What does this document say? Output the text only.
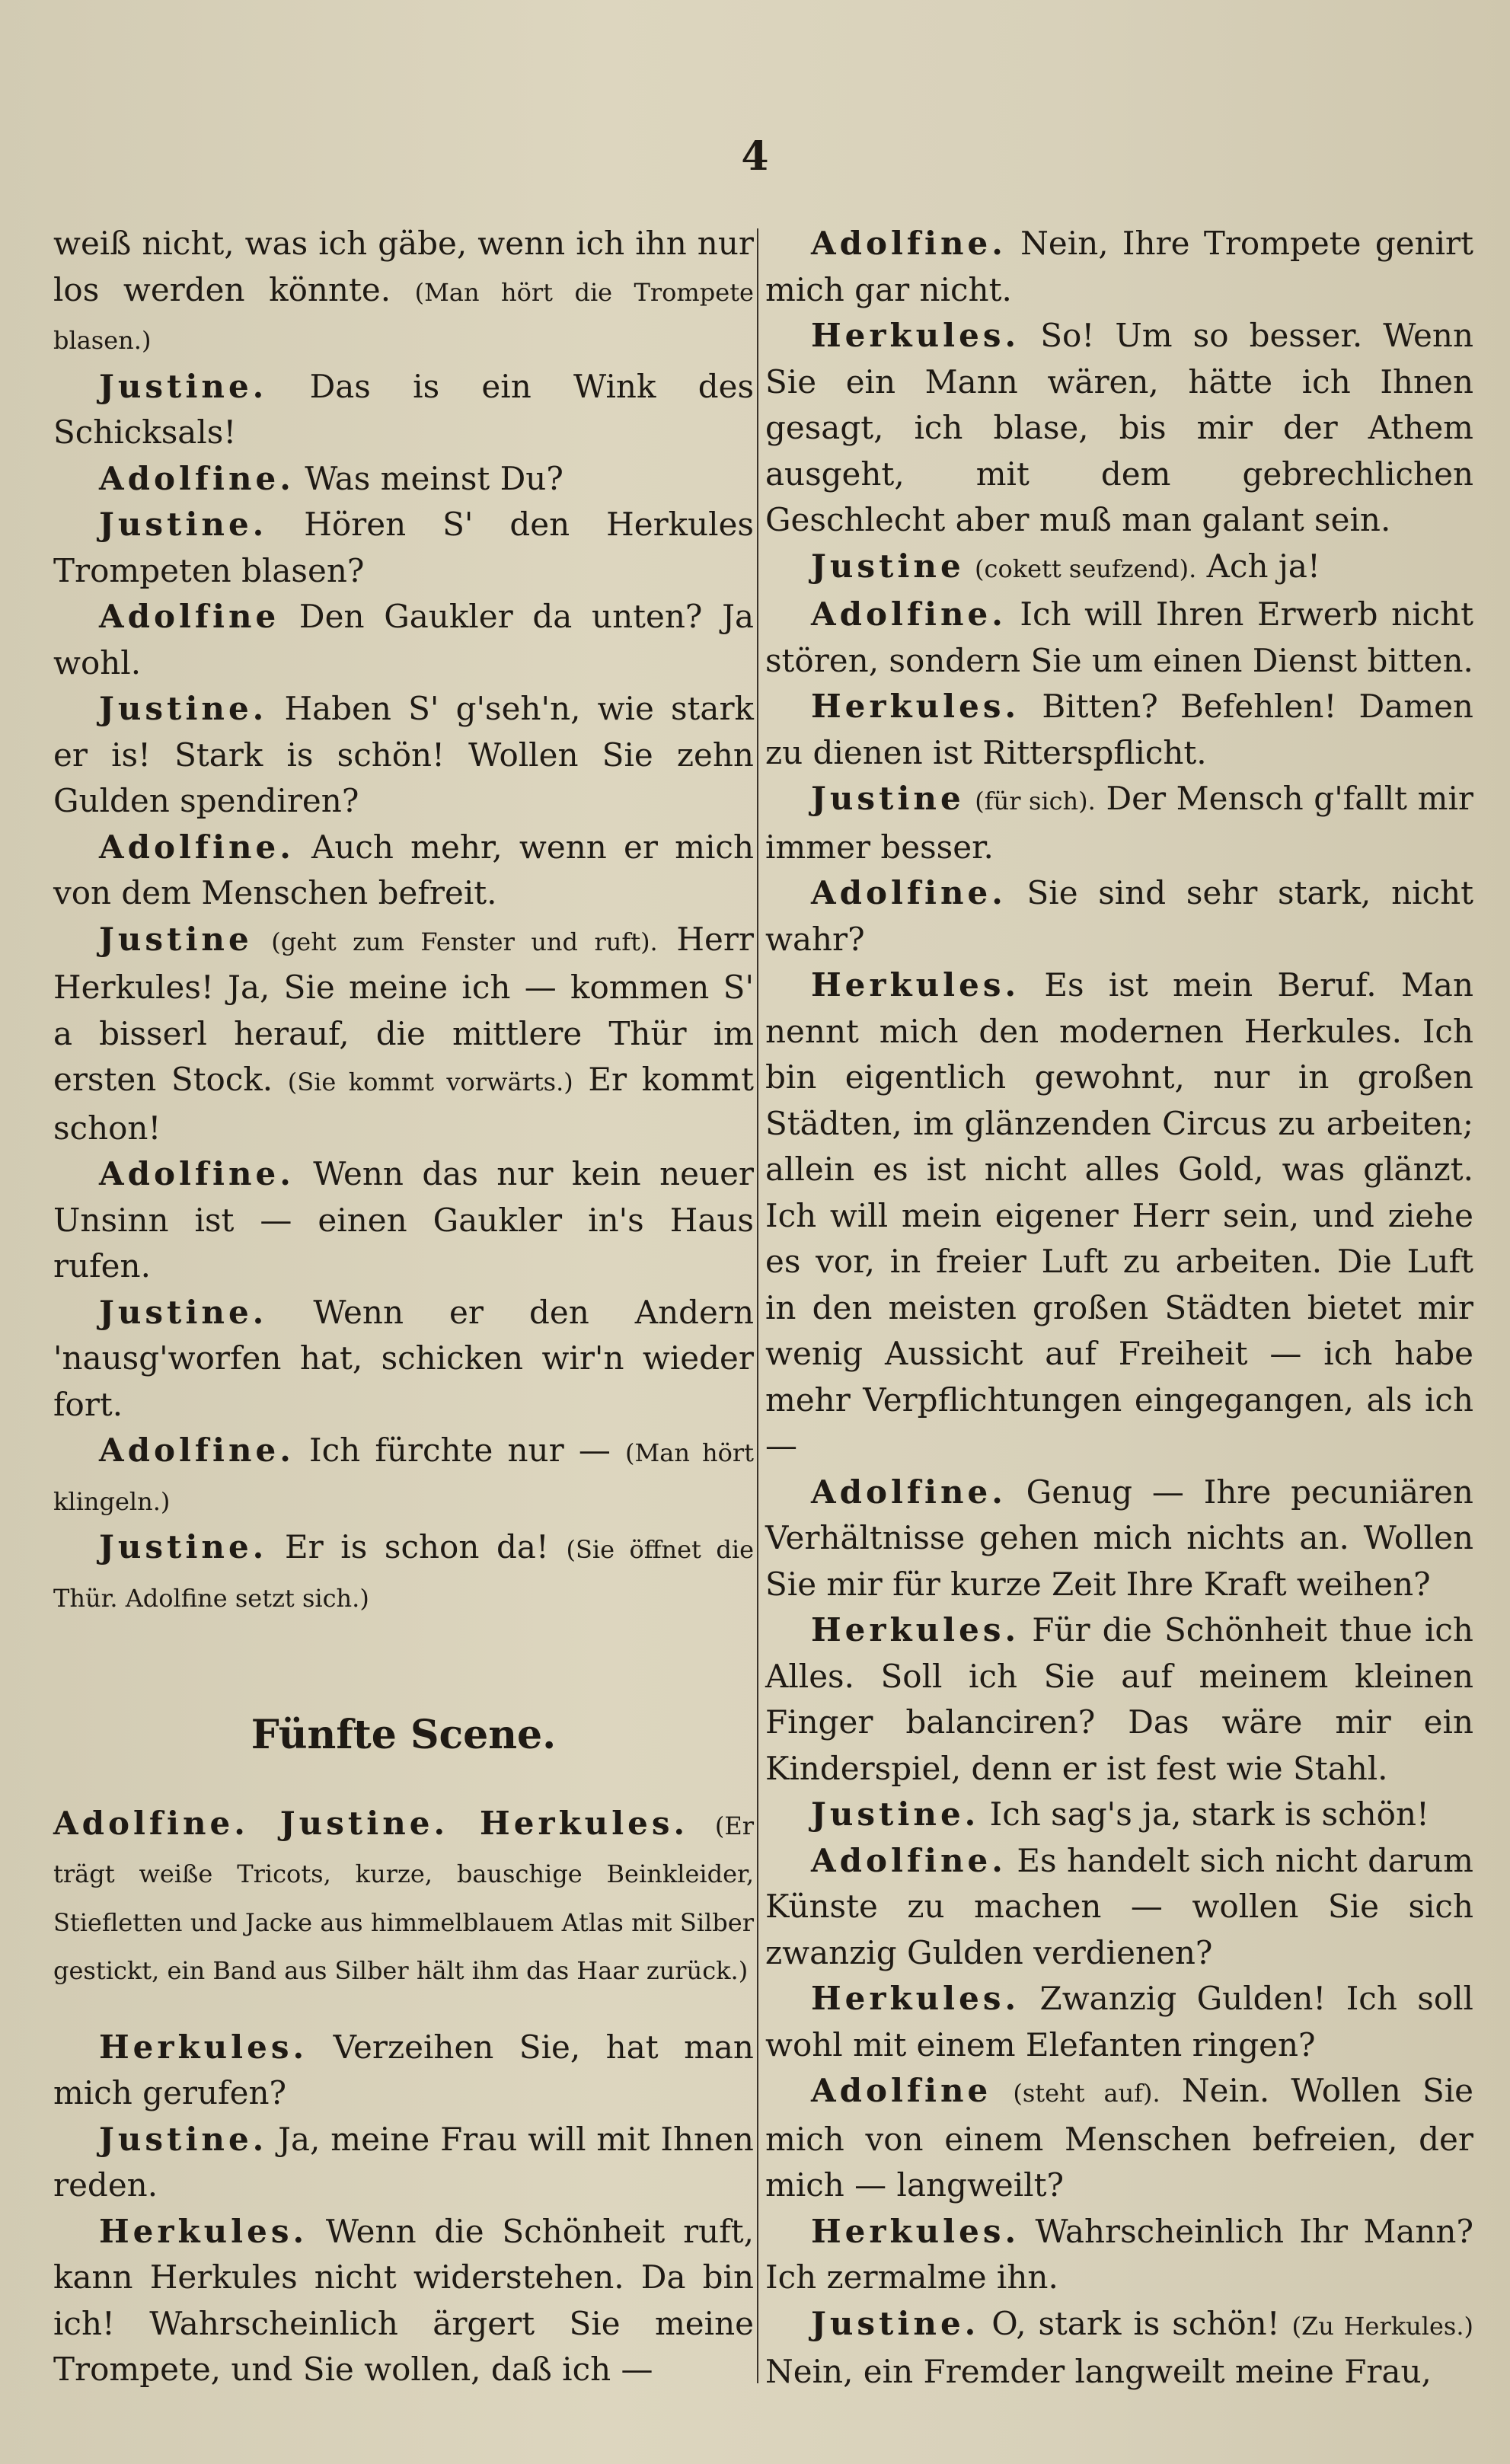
4

weiß nicht, was ich gäbe, wenn ich ihn nur los werden könnte. (Man hört die Trompete blasen.)

Justine. Das is ein Wink des Schicksals!

Adolfine. Was meinst Du?

Justine. Hören S' den Herkules Trompeten blasen?

Adolfine Den Gaukler da unten? Ja wohl.

Justine. Haben S' g'seh'n, wie stark er is! Stark is schön! Wollen Sie zehn Gulden spendiren?

Adolfine. Auch mehr, wenn er mich von dem Menschen befreit.

Justine (geht zum Fenster und ruft). Herr Herkules! Ja, Sie meine ich — kommen S' a bisserl herauf, die mittlere Thür im ersten Stock. (Sie kommt vorwärts.) Er kommt schon!

Adolfine. Wenn das nur kein neuer Unsinn ist — einen Gaukler in's Haus rufen.

Justine. Wenn er den Andern 'nausg'worfen hat, schicken wir'n wieder fort.

Adolfine. Ich fürchte nur — (Man hört klingeln.)

Justine. Er is schon da! (Sie öffnet die Thür. Adolfine setzt sich.)

Fünfte Scene.

Adolfine. Justine. Herkules. (Er trägt weiße Tricots, kurze, bauschige Beinkleider, Stiefletten und Jacke aus himmelblauem Atlas mit Silber gestickt, ein Band aus Silber hält ihm das Haar zurück.)

Herkules. Verzeihen Sie, hat man mich gerufen?

Justine. Ja, meine Frau will mit Ihnen reden.

Herkules. Wenn die Schönheit ruft, kann Herkules nicht widerstehen. Da bin ich! Wahrscheinlich ärgert Sie meine Trompete, und Sie wollen, daß ich —

Adolfine. Nein, Ihre Trompete genirt mich gar nicht.

Herkules. So! Um so besser. Wenn Sie ein Mann wären, hätte ich Ihnen gesagt, ich blase, bis mir der Athem ausgeht, mit dem gebrechlichen Geschlecht aber muß man galant sein.

Justine (cokett seufzend). Ach ja!

Adolfine. Ich will Ihren Erwerb nicht stören, sondern Sie um einen Dienst bitten.

Herkules. Bitten? Befehlen! Damen zu dienen ist Ritterspflicht.

Justine (für sich). Der Mensch g'fallt mir immer besser.

Adolfine. Sie sind sehr stark, nicht wahr?

Herkules. Es ist mein Beruf. Man nennt mich den modernen Herkules. Ich bin eigentlich gewohnt, nur in großen Städten, im glänzenden Circus zu arbeiten; allein es ist nicht alles Gold, was glänzt. Ich will mein eigener Herr sein, und ziehe es vor, in freier Luft zu arbeiten. Die Luft in den meisten großen Städten bietet mir wenig Aussicht auf Freiheit — ich habe mehr Verpflichtungen eingegangen, als ich—

Adolfine. Genug — Ihre pecuniären Verhältnisse gehen mich nichts an. Wollen Sie mir für kurze Zeit Ihre Kraft weihen?

Herkules. Für die Schönheit thue ich Alles. Soll ich Sie auf meinem kleinen Finger balanciren? Das wäre mir ein Kinderspiel, denn er ist fest wie Stahl.

Justine. Ich sag's ja, stark is schön!

Adolfine. Es handelt sich nicht darum Künste zu machen — wollen Sie sich zwanzig Gulden verdienen?

Herkules. Zwanzig Gulden! Ich soll wohl mit einem Elefanten ringen?

Adolfine (steht auf). Nein. Wollen Sie mich von einem Menschen befreien, der mich — langweilt?

Herkules. Wahrscheinlich Ihr Mann? Ich zermalme ihn.

Justine. O, stark is schön! (Zu Herkules.) Nein, ein Fremder langweilt meine Frau,
